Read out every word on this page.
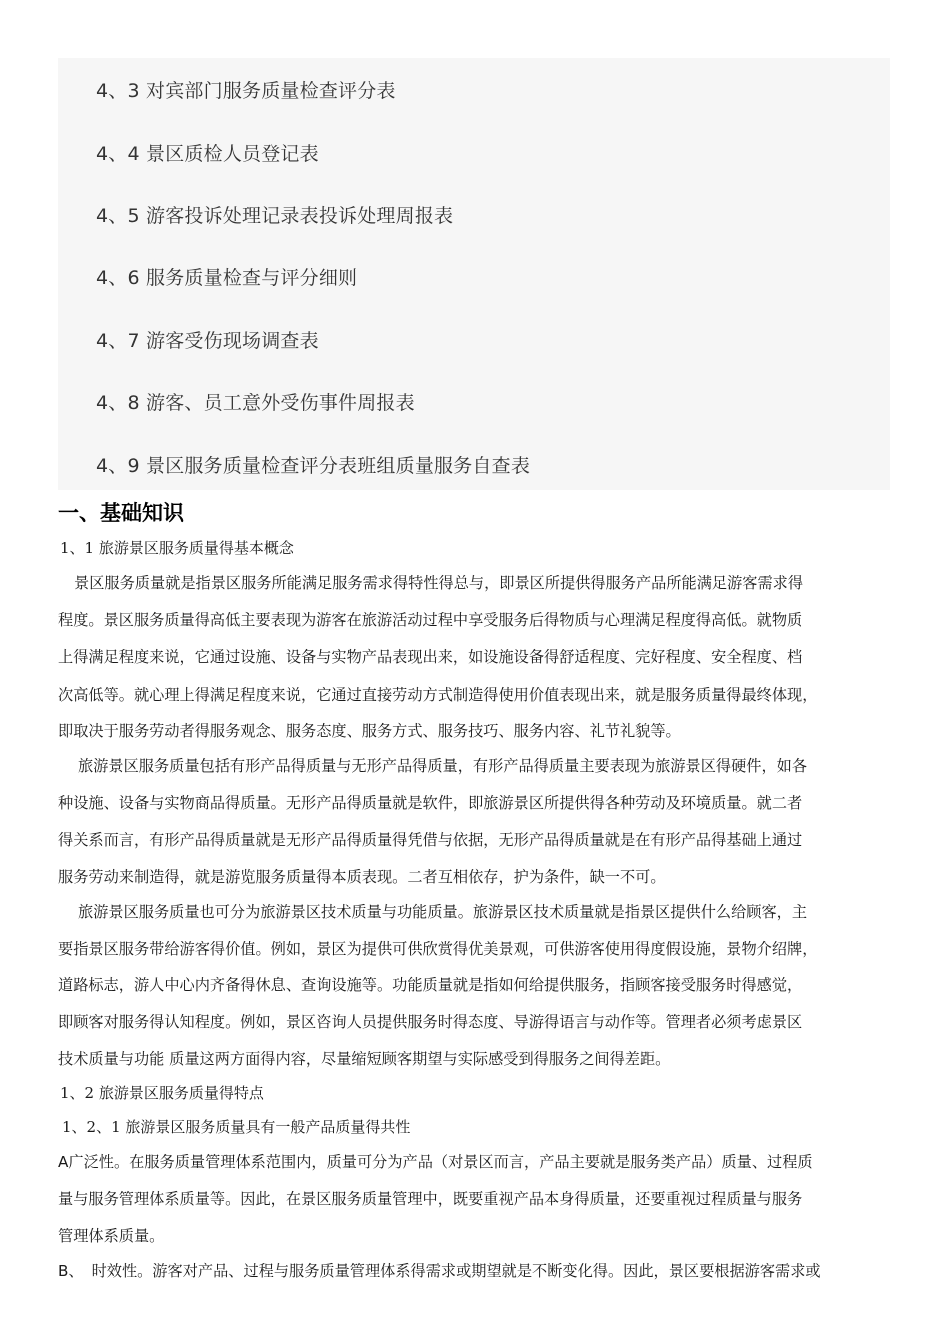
4、3 对宾部门服务质量检查评分表
4、4 景区质检人员登记表
4、5 游客投诉处理记录表投诉处理周报表
4、6 服务质量检查与评分细则
4、7 游客受伤现场调查表
4、8 游客、员工意外受伤事件周报表
4、9 景区服务质量检查评分表班组质量服务自查表
一、基础知识
1、1 旅游景区服务质量得基本概念
景区服务质量就是指景区服务所能满足服务需求得特性得总与，即景区所提供得服务产品所能满足游客需求得
程度。景区服务质量得高低主要表现为游客在旅游活动过程中享受服务后得物质与心理满足程度得高低。就物质
上得满足程度来说，它通过设施、设备与实物产品表现出来，如设施设备得舒适程度、完好程度、安全程度、档
次高低等。就心理上得满足程度来说，它通过直接劳动方式制造得使用价值表现出来，就是服务质量得最终体现，
即取决于服务劳动者得服务观念、服务态度、服务方式、服务技巧、服务内容、礼节礼貌等。
旅游景区服务质量包括有形产品得质量与无形产品得质量，有形产品得质量主要表现为旅游景区得硬件，如各
种设施、设备与实物商品得质量。无形产品得质量就是软件，即旅游景区所提供得各种劳动及环境质量。就二者
得关系而言，有形产品得质量就是无形产品得质量得凭借与依据，无形产品得质量就是在有形产品得基础上通过
服务劳动来制造得，就是游览服务质量得本质表现。二者互相依存，护为条件，缺一不可。
旅游景区服务质量也可分为旅游景区技术质量与功能质量。旅游景区技术质量就是指景区提供什么给顾客，主
要指景区服务带给游客得价值。例如，景区为提供可供欣赏得优美景观，可供游客使用得度假设施，景物介绍牌，
道路标志，游人中心内齐备得休息、查询设施等。功能质量就是指如何给提供服务，指顾客接受服务时得感觉，
即顾客对服务得认知程度。例如，景区咨询人员提供服务时得态度、导游得语言与动作等。管理者必须考虑景区
技术质量与功能 质量这两方面得内容，尽量缩短顾客期望与实际感受到得服务之间得差距。
1、2 旅游景区服务质量得特点
1、2、1 旅游景区服务质量具有一般产品质量得共性
A广泛性。在服务质量管理体系范围内，质量可分为产品（对景区而言，产品主要就是服务类产品）质量、过程质
量与服务管理体系质量等。因此，在景区服务质量管理中，既要重视产品本身得质量，还要重视过程质量与服务
管理体系质量。
B、 时效性。游客对产品、过程与服务质量管理体系得需求或期望就是不断变化得。因此，景区要根据游客需求或
